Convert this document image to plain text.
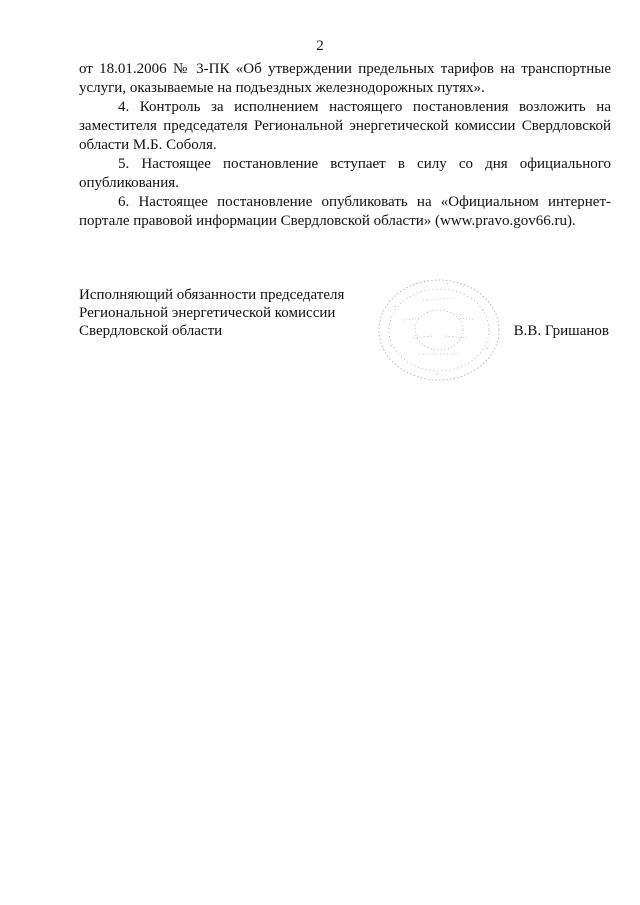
2

от 18.01.2006 № 3-ПК «Об утверждении предельных тарифов на транспортные услуги, оказываемые на подъездных железнодорожных путях».

4. Контроль за исполнением настоящего постановления возложить на заместителя председателя Региональной энергетической комиссии Свердловской области М.Б. Соболя.

5. Настоящее постановление вступает в силу со дня официального опубликования.

6. Настоящее постановление опубликовать на «Официальном интернет-портале правовой информации Свердловской области» (www.pravo.gov66.ru).

Исполняющий обязанности председателя
Региональной энергетической комиссии
Свердловской области	В.В. Гришанов
